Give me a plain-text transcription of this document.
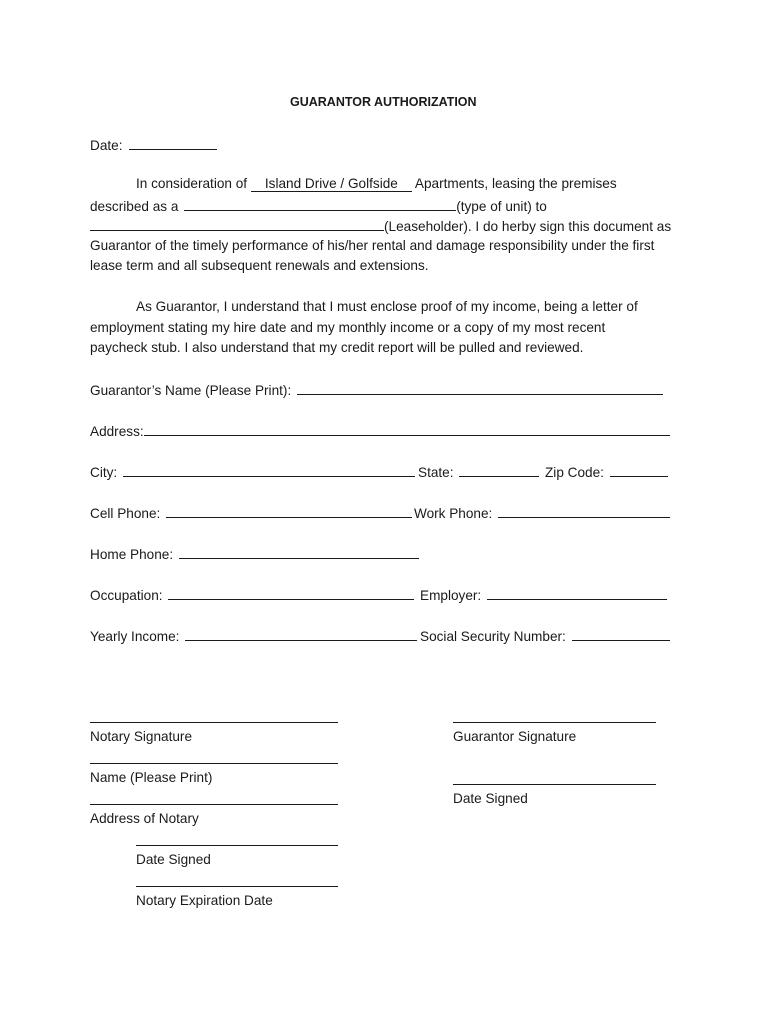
GUARANTOR AUTHORIZATION
Date:
In consideration of Island Drive / Golfside Apartments, leasing the premises
described as a	(type of unit) to
(Leaseholder). I do herby sign this document as
Guarantor of the timely performance of his/her rental and damage responsibility under the first
lease term and all subsequent renewals and extensions.
As Guarantor, I understand that I must enclose proof of my income, being a letter of
employment stating my hire date and my monthly income or a copy of my most recent
paycheck stub. I also understand that my credit report will be pulled and reviewed.
Guarantor’s Name (Please Print):
Address:
City:	State:	Zip Code:
Cell Phone:	Work Phone:
Home Phone:
Occupation:	Employer:
Yearly Income:	Social Security Number:
Notary Signature
Name (Please Print)
Address of Notary
Date Signed
Notary Expiration Date
Guarantor Signature
Date Signed
